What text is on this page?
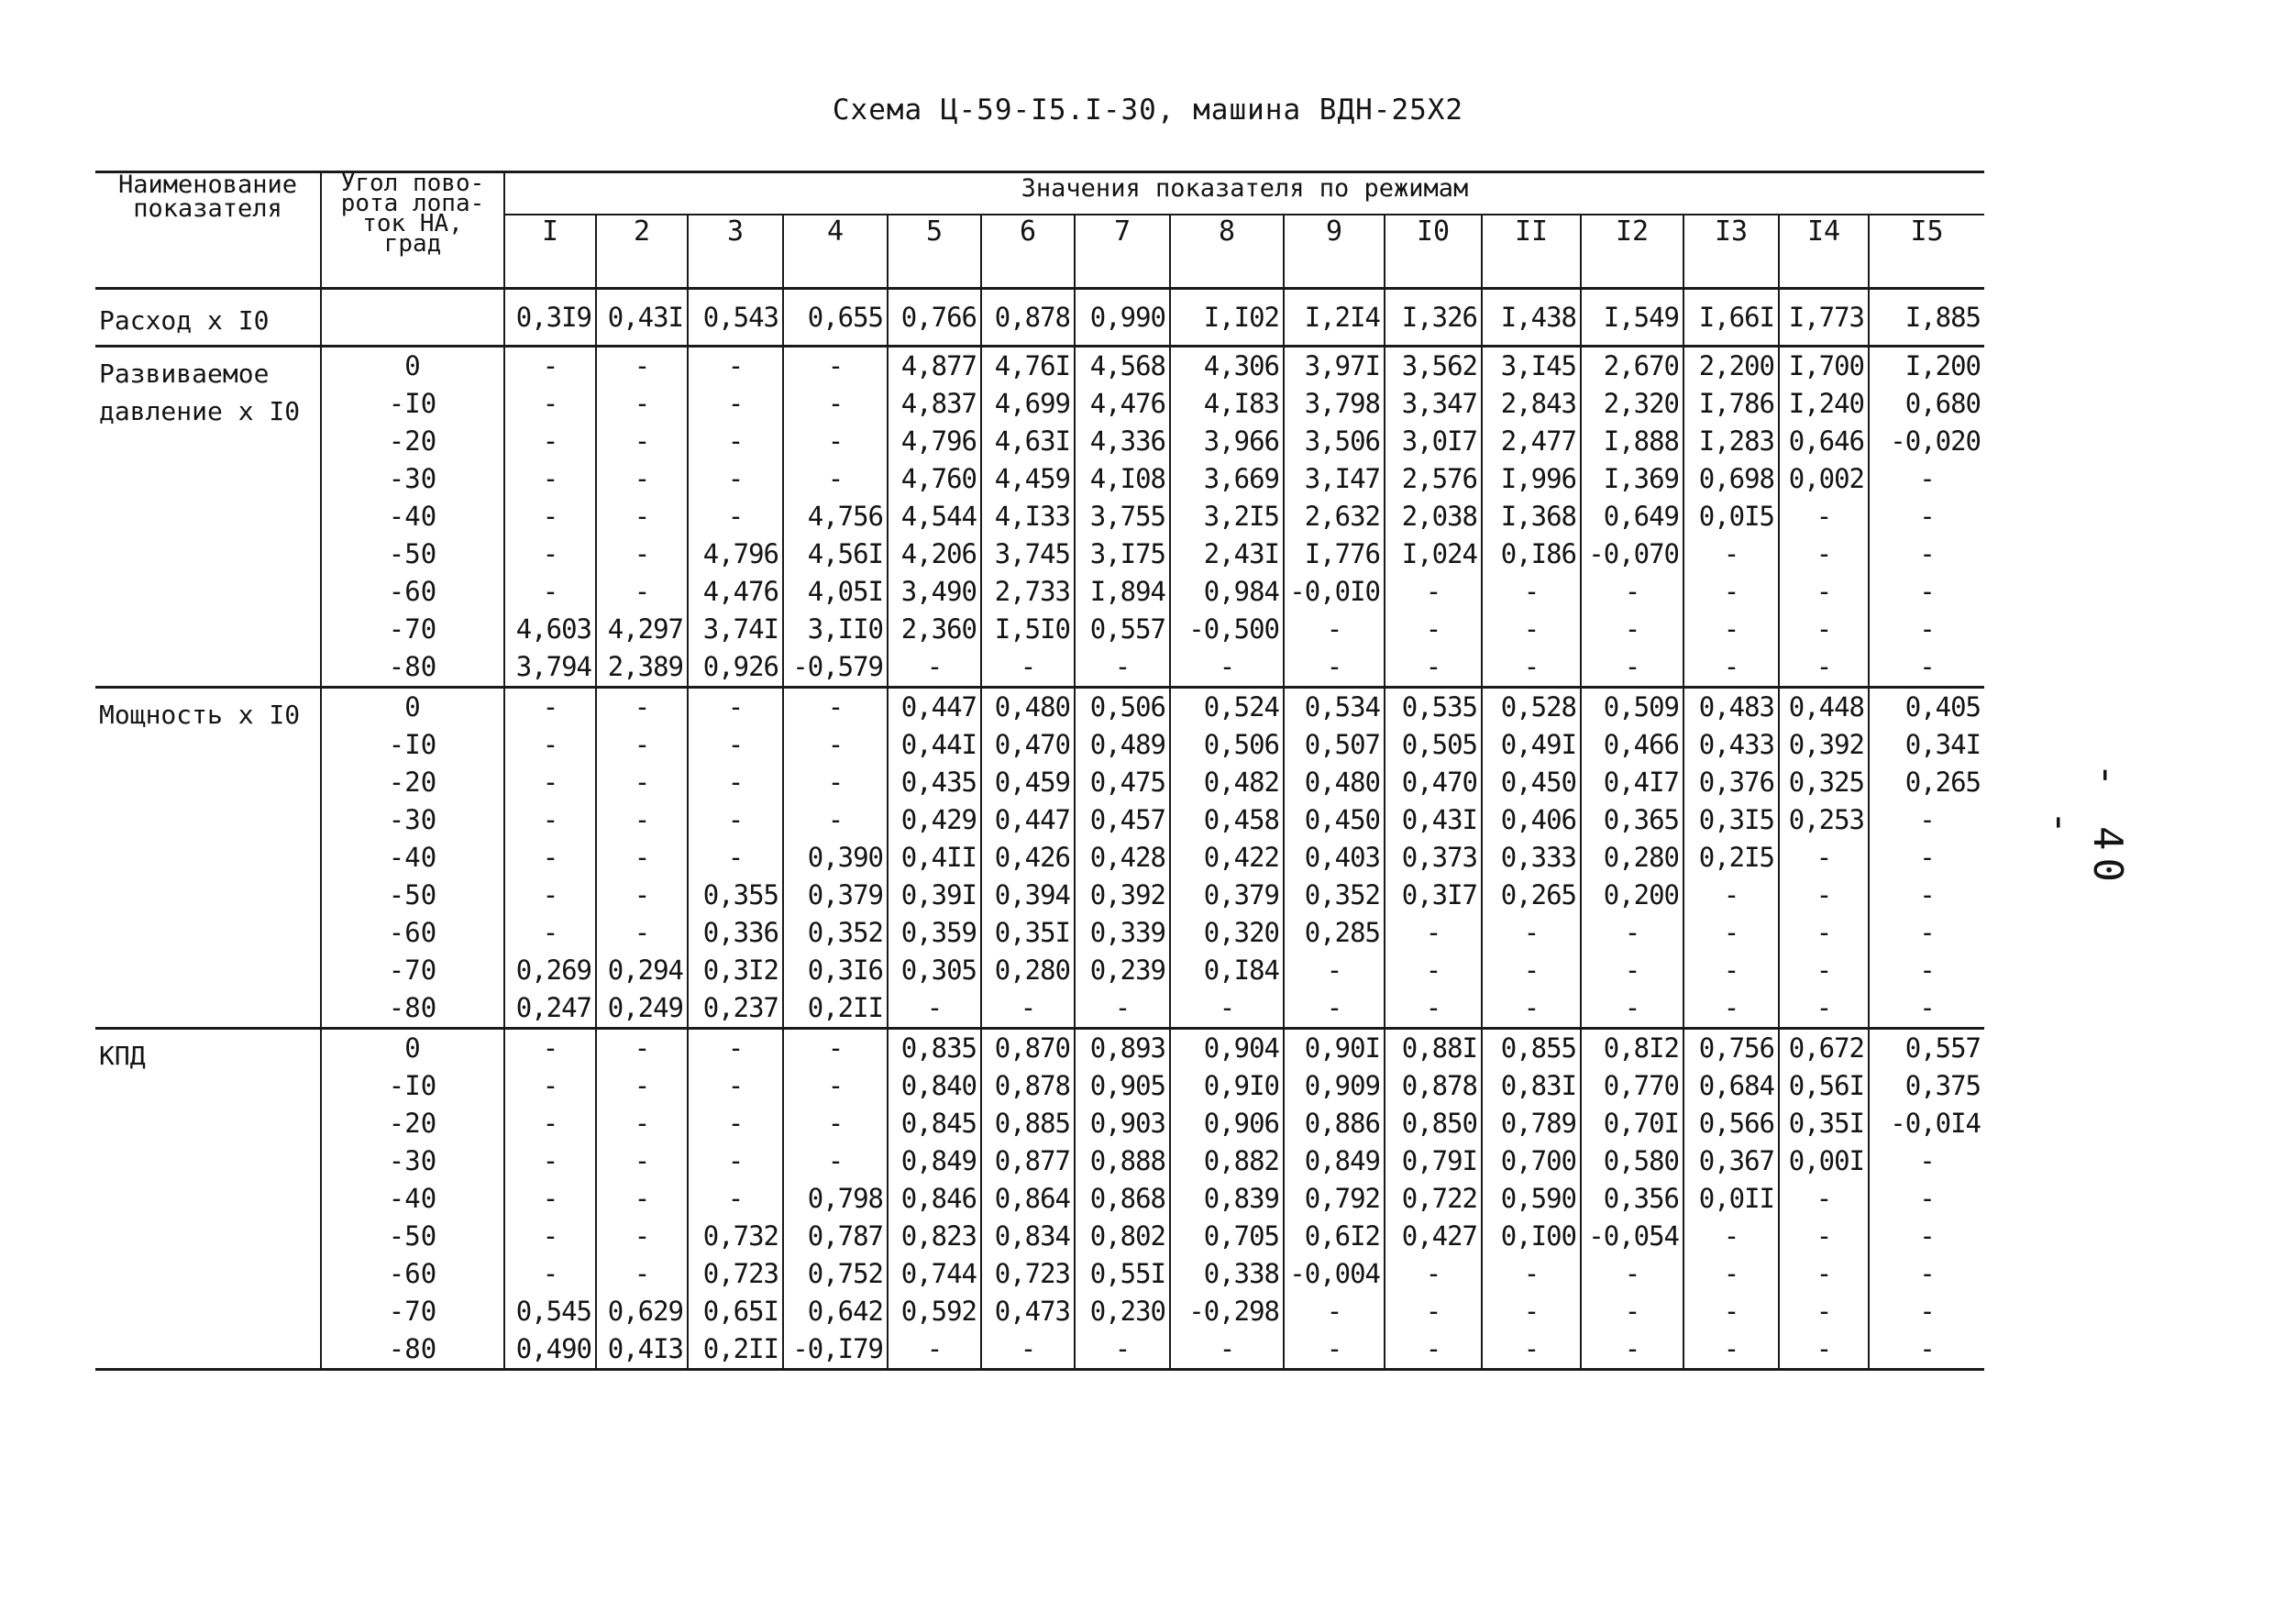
Схема Ц-59-I5.I-30, машина ВДН-25Х2
- 40 -
Наименование
показателя	Угол пово-
рота лопа-
ток НА,
град	Значения показателя по режимам														
		I	2	3	4	5	6	7	8	9	I0	II	I2	I3	I4	I5
Расход х I0		0,3I9	0,43I	0,543	0,655	0,766	0,878	0,990	I,I02	I,2I4	I,326	I,438	I,549	I,66I	I,773	I,885
Развиваемое
давление х I0	0	-	-	-	-	4,877	4,76I	4,568	4,306	3,97I	3,562	3,I45	2,670	2,200	I,700	I,200
	-I0	-	-	-	-	4,837	4,699	4,476	4,I83	3,798	3,347	2,843	2,320	I,786	I,240	0,680
	-20	-	-	-	-	4,796	4,63I	4,336	3,966	3,506	3,0I7	2,477	I,888	I,283	0,646	-0,020
	-30	-	-	-	-	4,760	4,459	4,I08	3,669	3,I47	2,576	I,996	I,369	0,698	0,002	-
	-40	-	-	-	4,756	4,544	4,I33	3,755	3,2I5	2,632	2,038	I,368	0,649	0,0I5	-	-
	-50	-	-	4,796	4,56I	4,206	3,745	3,I75	2,43I	I,776	I,024	0,I86	-0,070	-	-	-
	-60	-	-	4,476	4,05I	3,490	2,733	I,894	0,984	-0,0I0	-	-	-	-	-	-
	-70	4,603	4,297	3,74I	3,II0	2,360	I,5I0	0,557	-0,500	-	-	-	-	-	-	-
	-80	3,794	2,389	0,926	-0,579	-	-	-	-	-	-	-	-	-	-	-
Мощность х I0	0	-	-	-	-	0,447	0,480	0,506	0,524	0,534	0,535	0,528	0,509	0,483	0,448	0,405
	-I0	-	-	-	-	0,44I	0,470	0,489	0,506	0,507	0,505	0,49I	0,466	0,433	0,392	0,34I
	-20	-	-	-	-	0,435	0,459	0,475	0,482	0,480	0,470	0,450	0,4I7	0,376	0,325	0,265
	-30	-	-	-	-	0,429	0,447	0,457	0,458	0,450	0,43I	0,406	0,365	0,3I5	0,253	-
	-40	-	-	-	0,390	0,4II	0,426	0,428	0,422	0,403	0,373	0,333	0,280	0,2I5	-	-
	-50	-	-	0,355	0,379	0,39I	0,394	0,392	0,379	0,352	0,3I7	0,265	0,200	-	-	-
	-60	-	-	0,336	0,352	0,359	0,35I	0,339	0,320	0,285	-	-	-	-	-	-
	-70	0,269	0,294	0,3I2	0,3I6	0,305	0,280	0,239	0,I84	-	-	-	-	-	-	-
	-80	0,247	0,249	0,237	0,2II	-	-	-	-	-	-	-	-	-	-	-
КПД	0	-	-	-	-	0,835	0,870	0,893	0,904	0,90I	0,88I	0,855	0,8I2	0,756	0,672	0,557
	-I0	-	-	-	-	0,840	0,878	0,905	0,9I0	0,909	0,878	0,83I	0,770	0,684	0,56I	0,375
	-20	-	-	-	-	0,845	0,885	0,903	0,906	0,886	0,850	0,789	0,70I	0,566	0,35I	-0,0I4
	-30	-	-	-	-	0,849	0,877	0,888	0,882	0,849	0,79I	0,700	0,580	0,367	0,00I	-
	-40	-	-	-	0,798	0,846	0,864	0,868	0,839	0,792	0,722	0,590	0,356	0,0II	-	-
	-50	-	-	0,732	0,787	0,823	0,834	0,802	0,705	0,6I2	0,427	0,I00	-0,054	-	-	-
	-60	-	-	0,723	0,752	0,744	0,723	0,55I	0,338	-0,004	-	-	-	-	-	-
	-70	0,545	0,629	0,65I	0,642	0,592	0,473	0,230	-0,298	-	-	-	-	-	-	-
	-80	0,490	0,4I3	0,2II	-0,I79	-	-	-	-	-	-	-	-	-	-	-
